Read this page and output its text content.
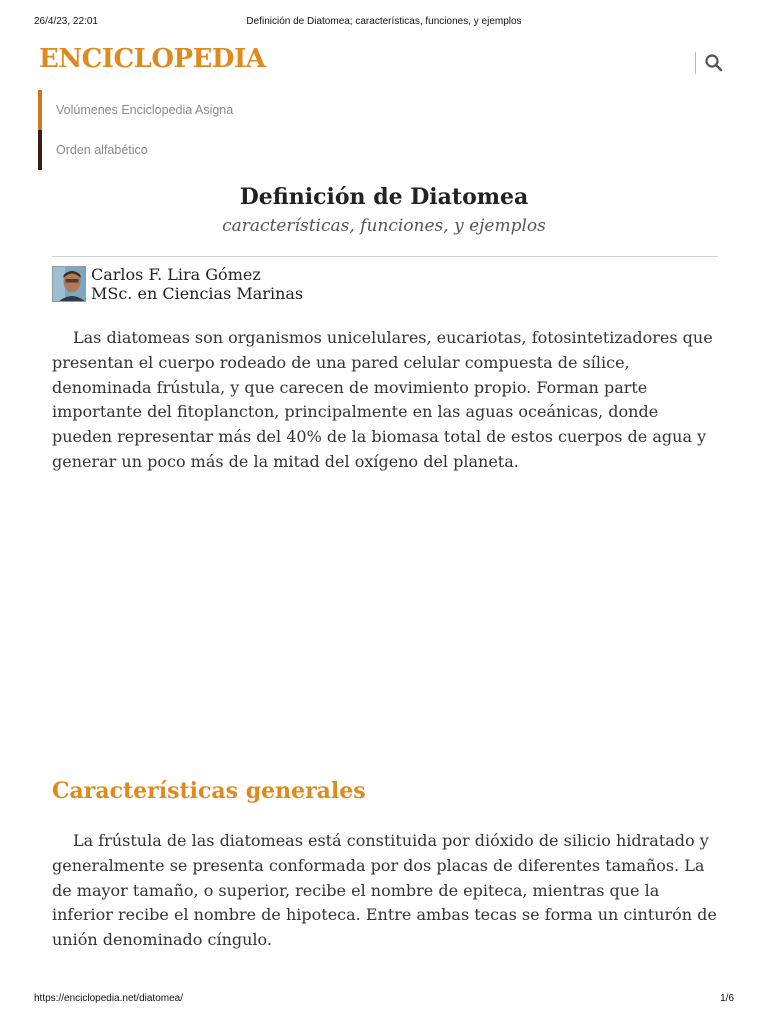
26/4/23, 22:01	Definición de Diatomea; características, funciones, y ejemplos
ENCICLOPEDIA
Volúmenes Enciclopedia Asigna
Orden alfabético
Definición de Diatomea
características, funciones, y ejemplos
Carlos F. Lira Gómez
MSc. en Ciencias Marinas

Las diatomeas son organismos unicelulares, eucariotas, fotosintetizadores que presentan el cuerpo rodeado de una pared celular compuesta de sílice, denominada frústula, y que carecen de movimiento propio. Forman parte importante del fitoplancton, principalmente en las aguas oceánicas, donde pueden representar más del 40% de la biomasa total de estos cuerpos de agua y generar un poco más de la mitad del oxígeno del planeta.

Características generales

La frústula de las diatomeas está constituida por dióxido de silicio hidratado y generalmente se presenta conformada por dos placas de diferentes tamaños. La de mayor tamaño, o superior, recibe el nombre de epiteca, mientras que la inferior recibe el nombre de hipoteca. Entre ambas tecas se forma un cinturón de unión denominado cíngulo.

https://enciclopedia.net/diatomea/	1/6
